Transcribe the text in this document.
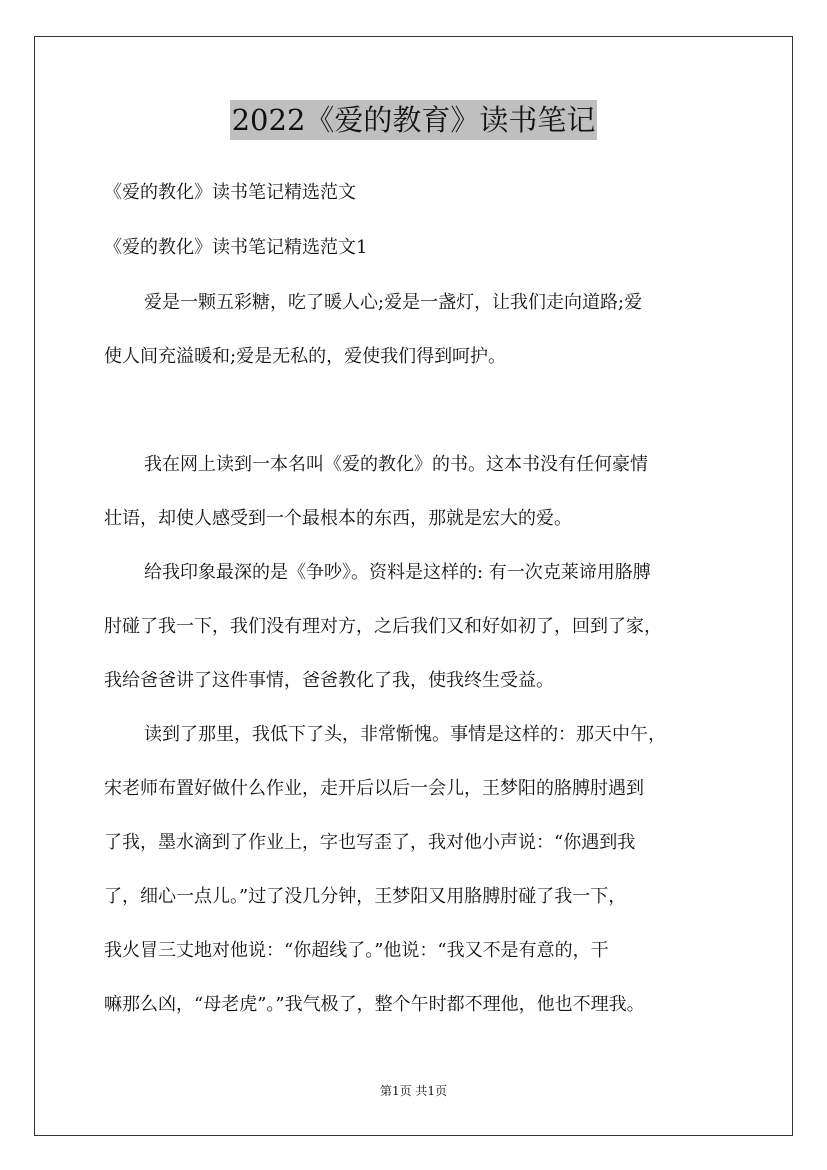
2022《爱的教育》读书笔记
《爱的教化》读书笔记精选范文
《爱的教化》读书笔记精选范文1
爱是一颗五彩糖，吃了暖人心;爱是一盏灯，让我们走向道路;爱
使人间充溢暖和;爱是无私的，爱使我们得到呵护。
我在网上读到一本名叫《爱的教化》的书。这本书没有任何豪情
壮语，却使人感受到一个最根本的东西，那就是宏大的爱。
给我印象最深的是《争吵》。资料是这样的: 有一次克莱谛用胳膊
肘碰了我一下，我们没有理对方，之后我们又和好如初了，回到了家，
我给爸爸讲了这件事情，爸爸教化了我，使我终生受益。
读到了那里，我低下了头，非常惭愧。事情是这样的：那天中午，
宋老师布置好做什么作业，走开后以后一会儿，王梦阳的胳膊肘遇到
了我，墨水滴到了作业上，字也写歪了，我对他小声说：“你遇到我
了，细心一点儿。”过了没几分钟，王梦阳又用胳膊肘碰了我一下，
我火冒三丈地对他说：“你超线了。”他说：“我又不是有意的，干
嘛那么凶，“母老虎”。”我气极了，整个午时都不理他，他也不理我。
第1页 共1页
